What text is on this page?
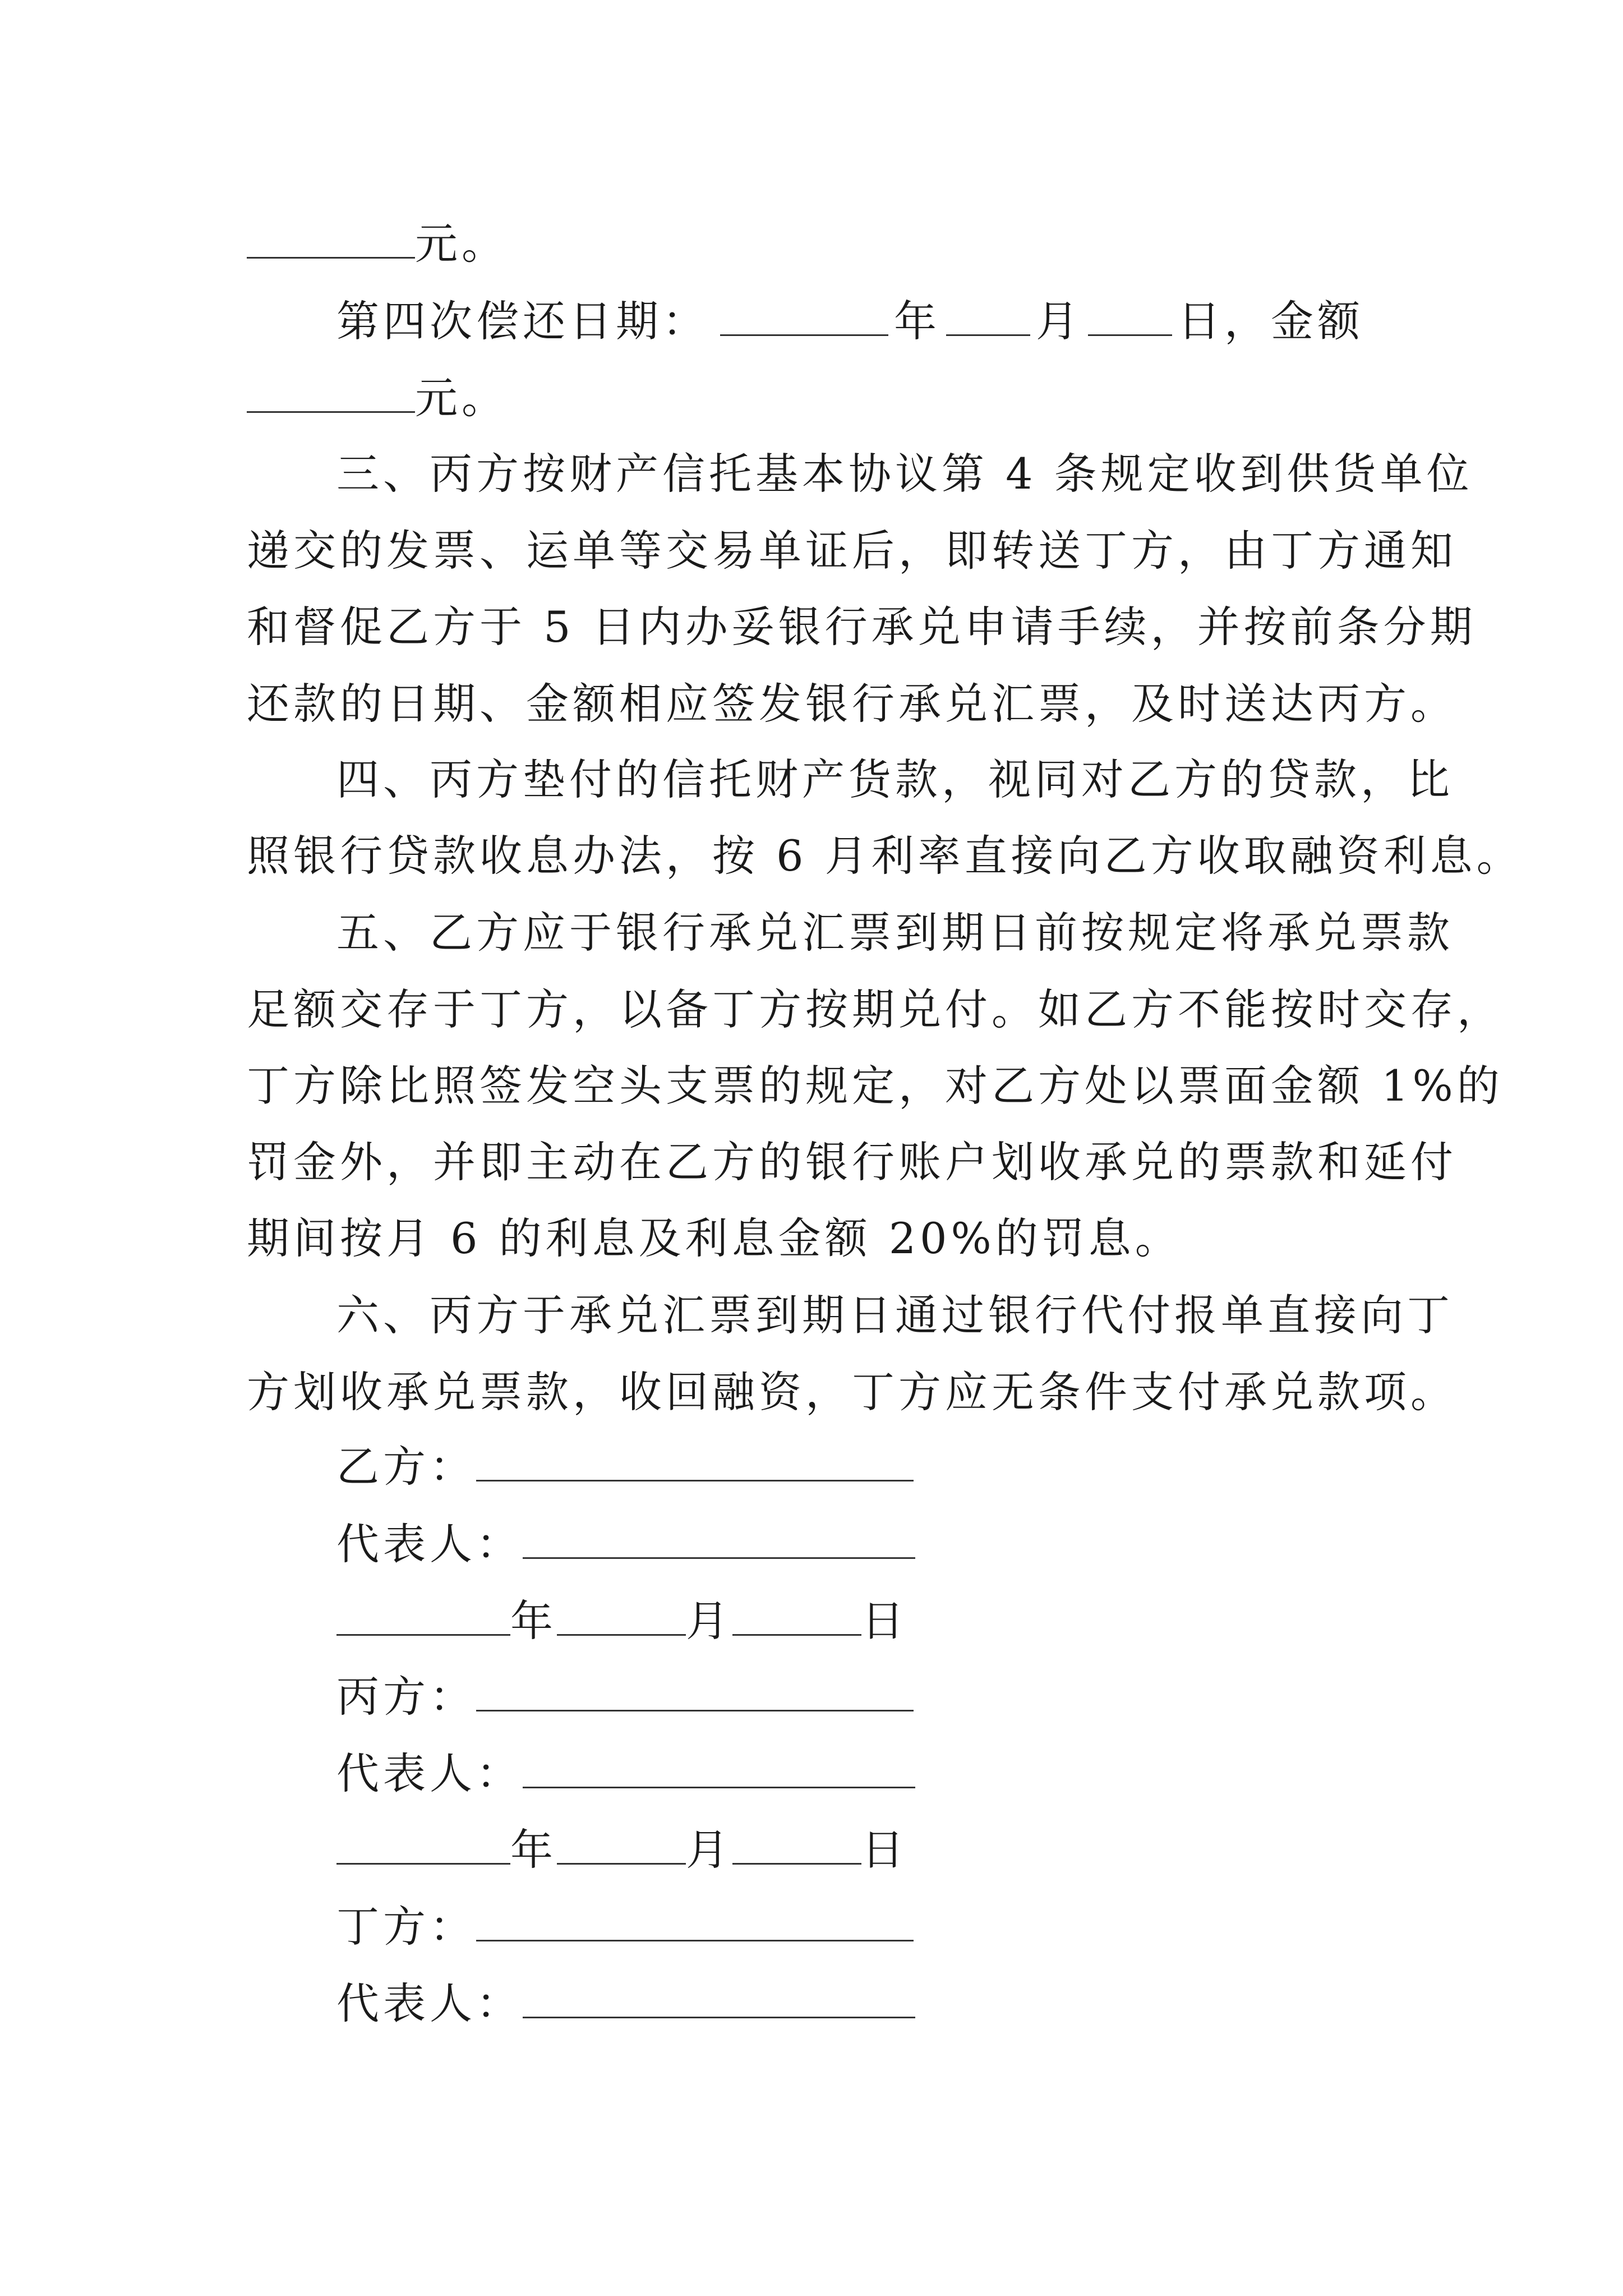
元。
第四次偿还日期：	年 月 日，金额
元。
三、丙方按财产信托基本协议第 4 条规定收到供货单位
递交的发票、运单等交易单证后，即转送丁方，由丁方通知
和督促乙方于 5 日内办妥银行承兑申请手续，并按前条分期
还款的日期、金额相应签发银行承兑汇票，及时送达丙方。
四、丙方垫付的信托财产货款，视同对乙方的贷款，比
照银行贷款收息办法，按 6 月利率直接向乙方收取融资利息。
五、乙方应于银行承兑汇票到期日前按规定将承兑票款
足额交存于丁方，以备丁方按期兑付。如乙方不能按时交存，
丁方除比照签发空头支票的规定，对乙方处以票面金额 1%的
罚金外，并即主动在乙方的银行账户划收承兑的票款和延付
期间按月 6 的利息及利息金额 20%的罚息。
六、丙方于承兑汇票到期日通过银行代付报单直接向丁
方划收承兑票款，收回融资，丁方应无条件支付承兑款项。
乙方：
代表人：
年	月	日
丙方：
代表人：
年	月	日
丁方：
代表人：
